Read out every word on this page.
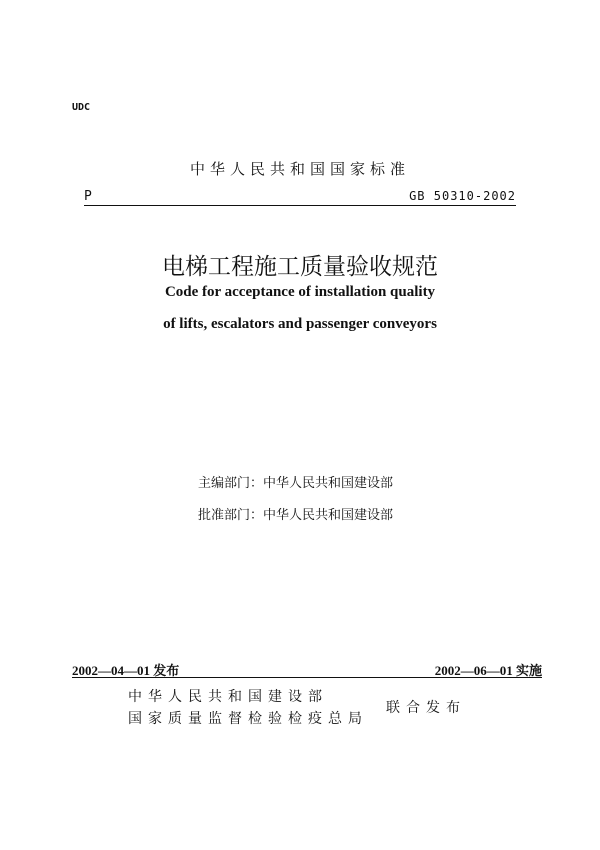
UDC
中华人民共和国国家标准
P	GB 50310-2002
电梯工程施工质量验收规范
Code for acceptance of installation quality
of lifts, escalators and passenger conveyors
主编部门：中华人民共和国建设部
批准部门：中华人民共和国建设部
2002—04—01 发布	2002—06—01 实施
中华人民共和国建设部
国家质量监督检验检疫总局
联合发布
